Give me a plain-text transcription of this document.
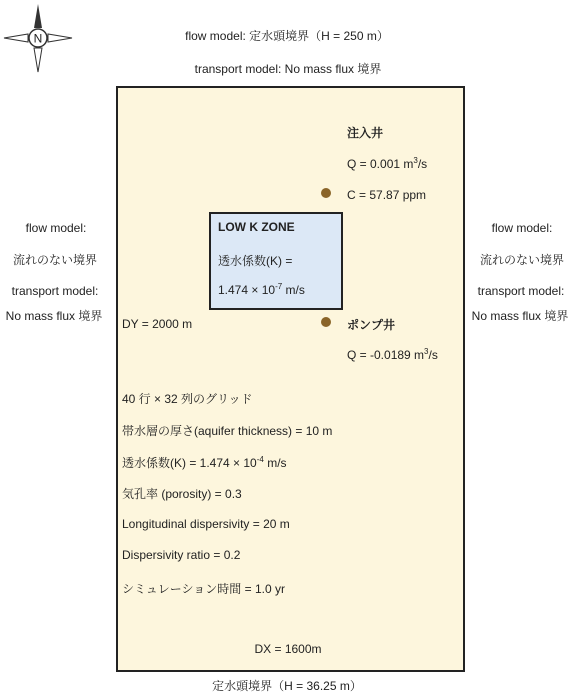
N	flow model: 定水頭境界（H = 250 m）
transport model: No mass flux 境界
flow model:
流れのない境界
transport model:
No mass flux 境界
flow model:
流れのない境界
transport model:
No mass flux 境界
注入井
Q = 0.001 $m^3/s$
C = 57.87 ppm
LOW K ZONE
透水係数(K) =
$1.474 \times 10^{-7}$ m/s
DY = 2000 m	ポンプ井
Q = -0.0189 $m^3/s$
40 行 × 32 列のグリッド
帯水層の厚さ(aquifer thickness) = 10 m
透水係数$(K) = 1.474 \times 10^{-4}$ m/s
気孔率 (porosity) = 0.3
Longitudinal dispersivity = 20 m
Dispersivity ratio = 0.2
シミュレーション時間 = 1.0 yr
DX = 1600m
定水頭境界（H = 36.25 m）
